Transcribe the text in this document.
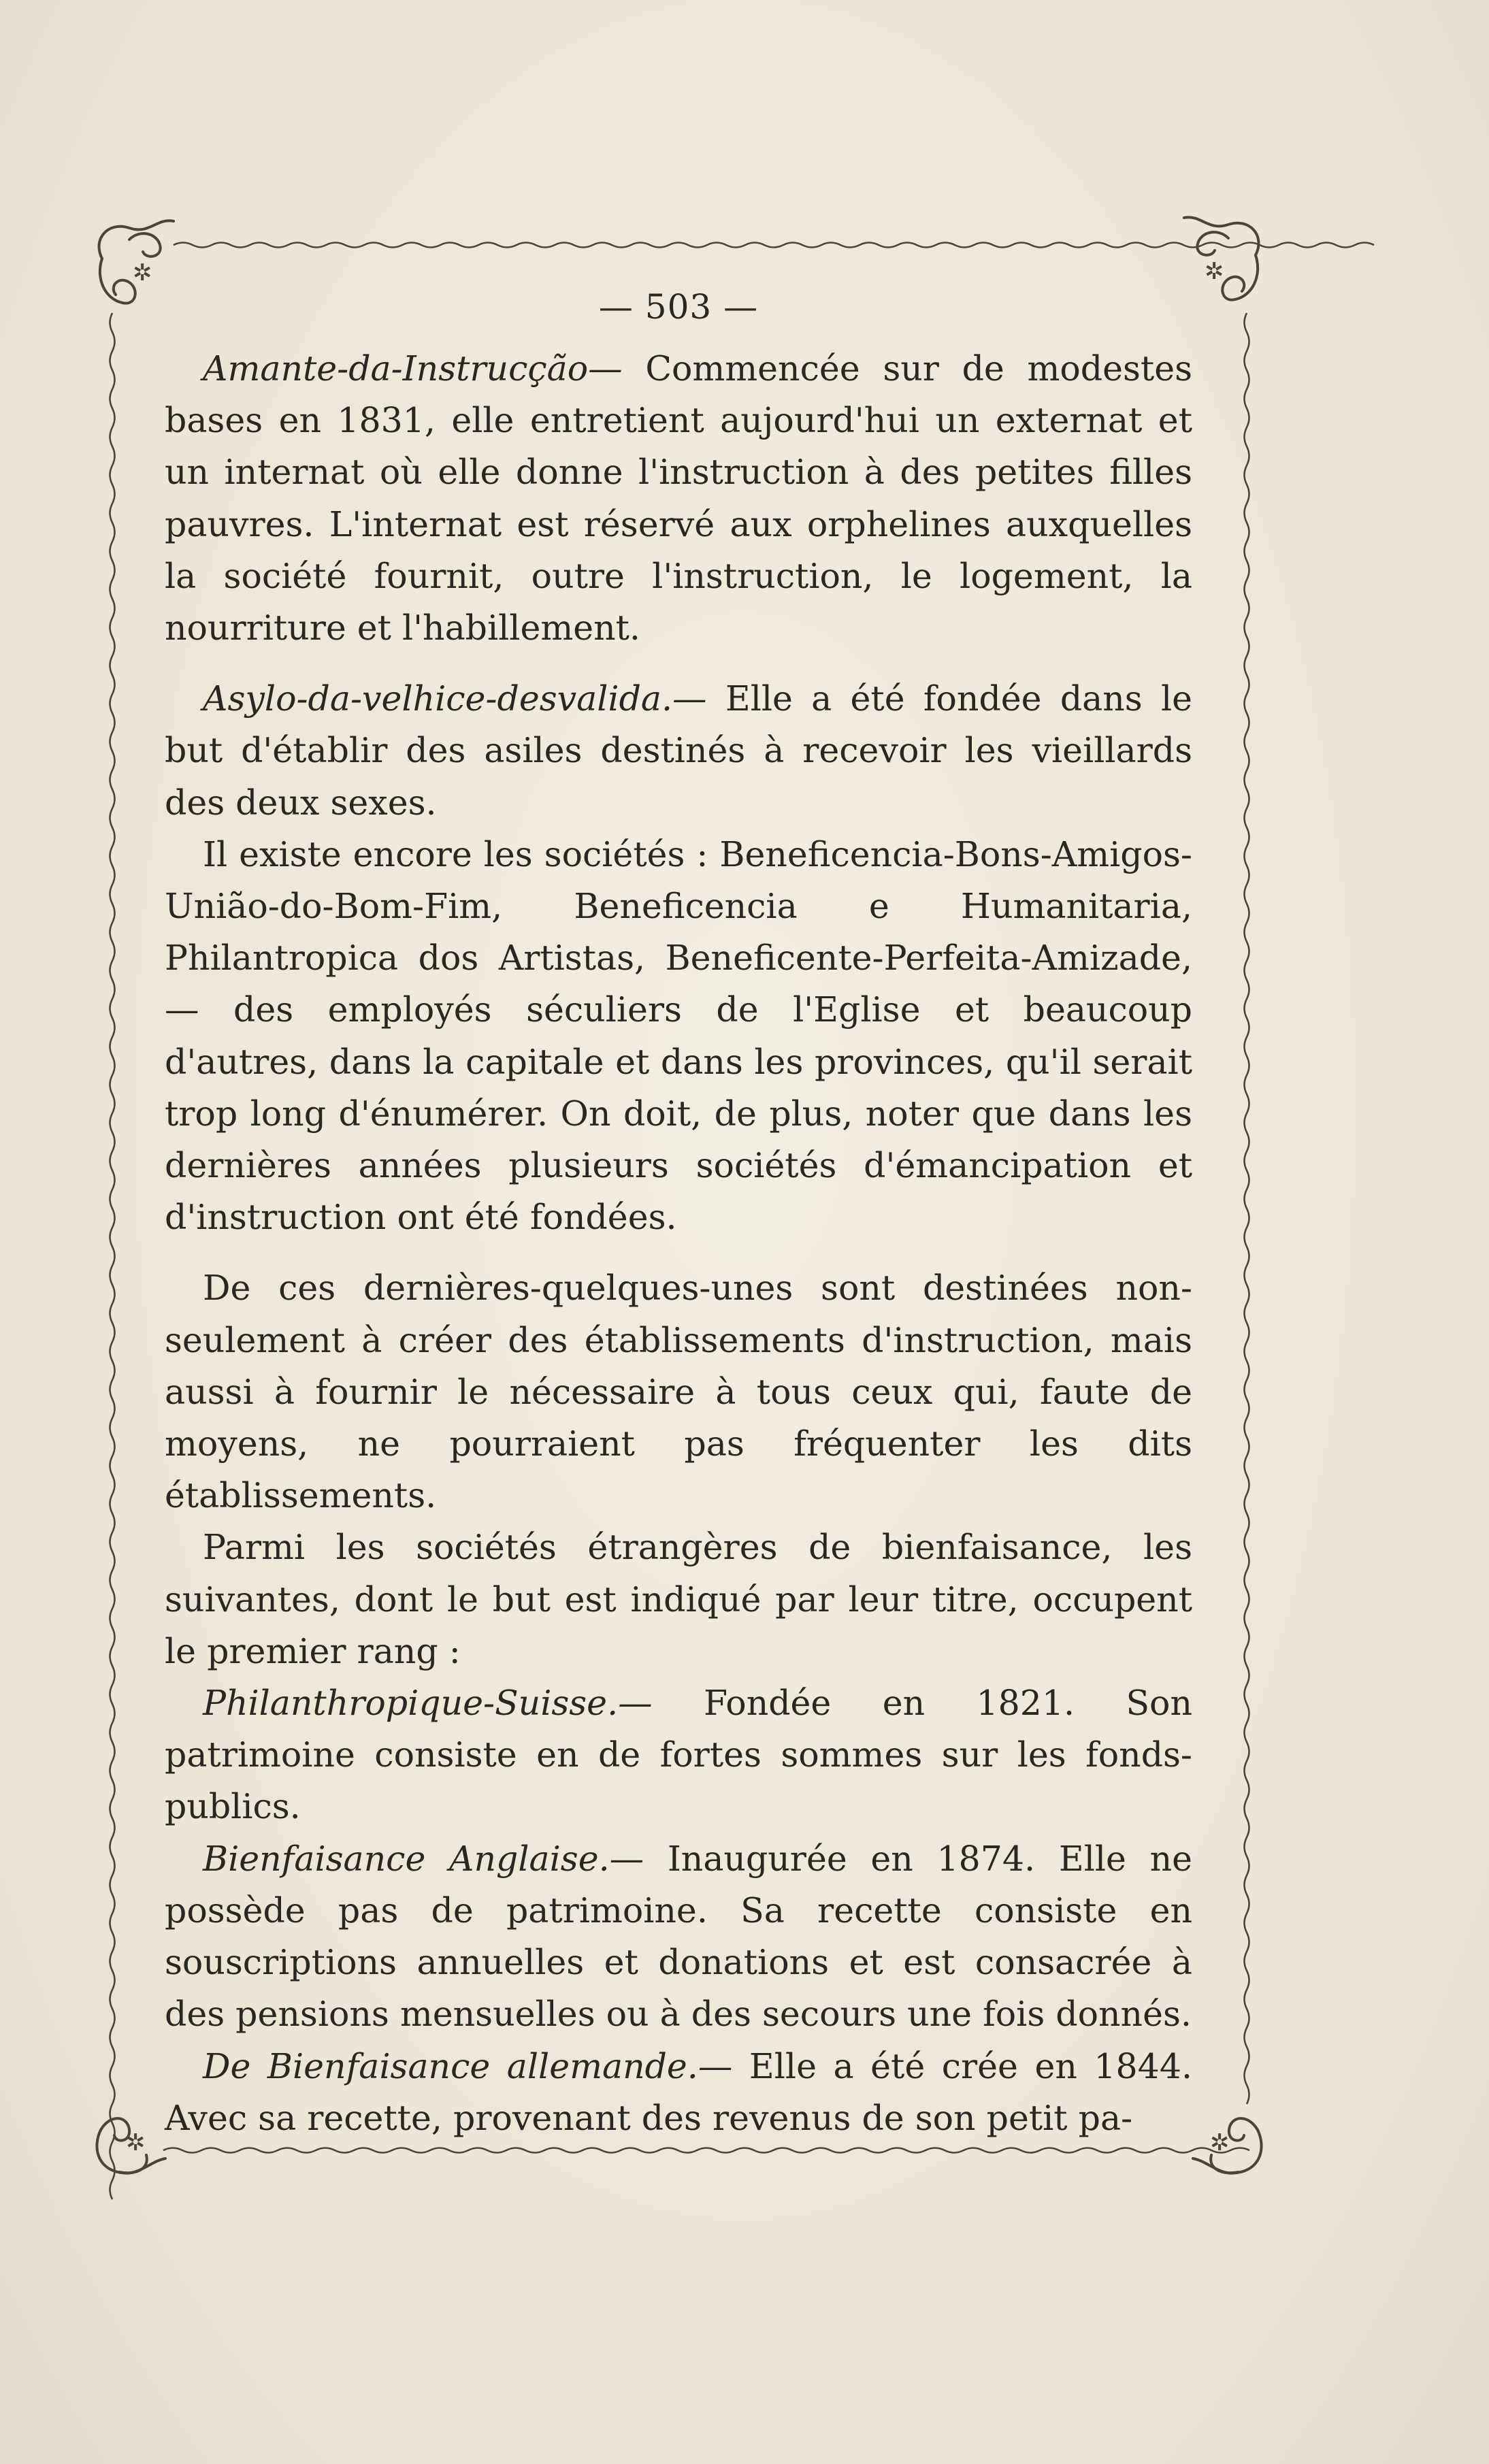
✲	✲
✲	✲
— 503 —

Amante-da-Instrucção— Commencée sur de modestes bases en 1831, elle entretient aujourd'hui un externat et un internat où elle donne l'instruction à des petites filles pauvres. L'internat est réservé aux orphelines auxquelles la société fournit, outre l'instruction, le logement, la nourriture et l'habillement.

Asylo-da-velhice-desvalida.— Elle a été fondée dans le but d'établir des asiles destinés à recevoir les vieillards des deux sexes.

Il existe encore les sociétés : Beneficencia-Bons-Amigos-União-do-Bom-Fim, Beneficencia e Humanitaria, Philantropica dos Artistas, Beneficente-Perfeita-Amizade,— des employés séculiers de l'Eglise et beaucoup d'autres, dans la capitale et dans les provinces, qu'il serait trop long d'énumérer. On doit, de plus, noter que dans les dernières années plusieurs sociétés d'émancipation et d'instruction ont été fondées.

De ces dernières-quelques-unes sont destinées non-seulement à créer des établissements d'instruction, mais aussi à fournir le nécessaire à tous ceux qui, faute de moyens, ne pourraient pas fréquenter les dits établissements.

Parmi les sociétés étrangères de bienfaisance, les suivantes, dont le but est indiqué par leur titre, occupent le premier rang :

Philanthropique-Suisse.— Fondée en 1821. Son patrimoine consiste en de fortes sommes sur les fonds-publics.

Bienfaisance Anglaise.— Inaugurée en 1874. Elle ne possède pas de patrimoine. Sa recette consiste en souscriptions annuelles et donations et est consacrée à des pensions mensuelles ou à des secours une fois donnés.

De Bienfaisance allemande.— Elle a été crée en 1844. Avec sa recette, provenant des revenus de son petit pa-
